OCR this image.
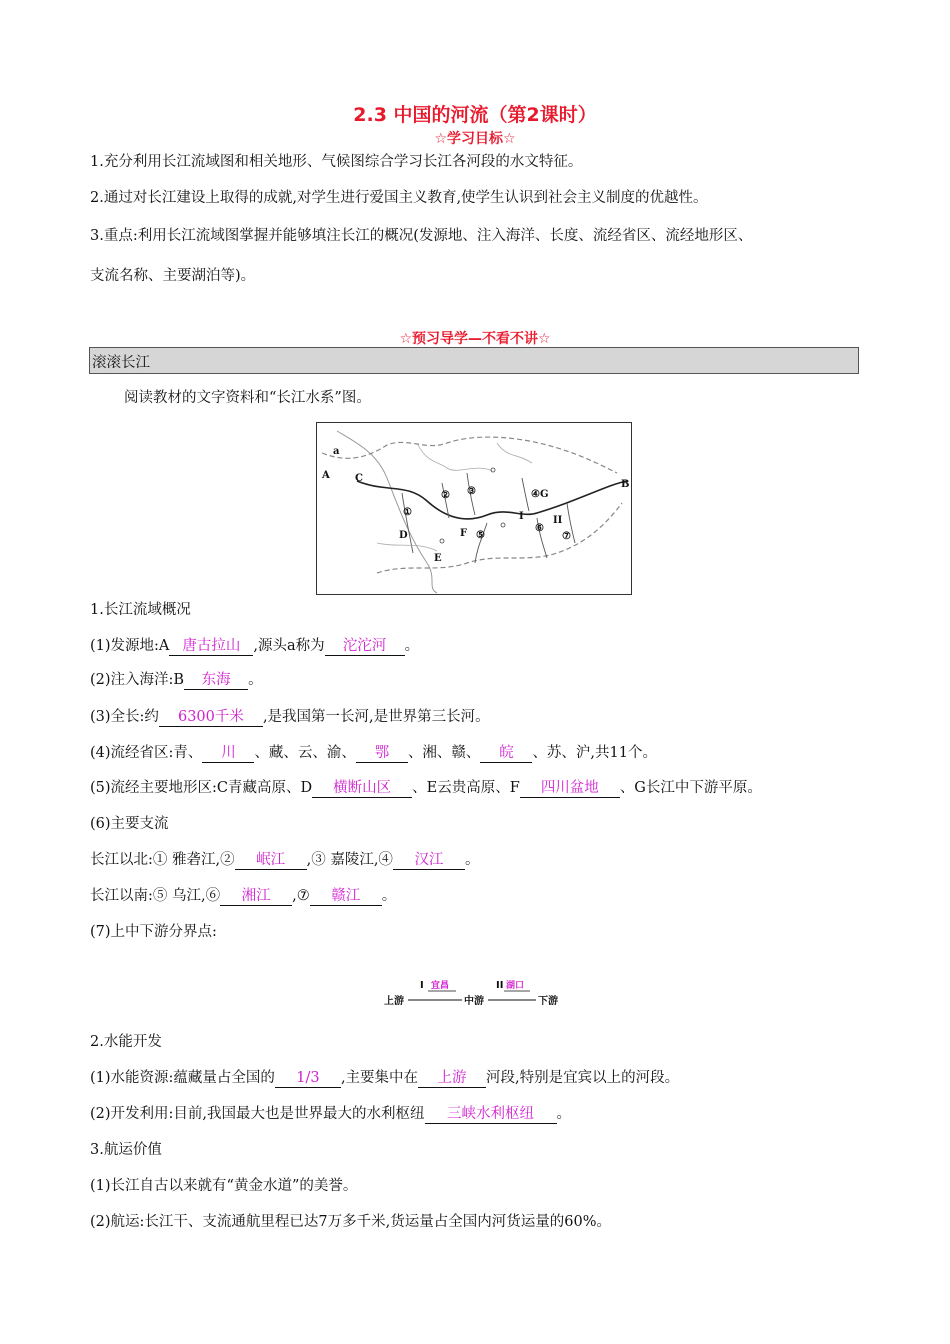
2.3 中国的河流（第2课时）
☆学习目标☆
1.充分利用长江流域图和相关地形、气候图综合学习长江各河段的水文特征。
2.通过对长江建设上取得的成就,对学生进行爱国主义教育,使学生认识到社会主义制度的优越性。
3.重点:利用长江流域图掌握并能够填注长江的概况(发源地、注入海洋、长度、流经省区、流经地形区、
支流名称、主要湖泊等)。
☆预习导学—不看不讲☆
滚滚长江
阅读教材的文字资料和“长江水系”图。
a
A	C
①
② ③	④G
B
D	F ⑤
E
I
⑥
II
⑦
1.长江流域概况
(1)发源地:A 唐古拉山 ,源头a称为 沱沱河 。
(2)注入海洋:B 东海 。
(3)全长:约 6300千米 ,是我国第一长河,是世界第三长河。
(4)流经省区:青、 川 、藏、云、渝、 鄂 、湘、赣、 皖 、苏、沪,共11个。
(5)流经主要地形区:C青藏高原、D 横断山区 、E云贵高原、F 四川盆地 、G长江中下游平原。
(6)主要支流
长江以北:① 雅砻江,② 岷江 ,③ 嘉陵江,④ 汉江 。
长江以南:⑤ 乌江,⑥ 湘江 ,⑦ 赣江 。
(7)上中下游分界点:
上游	中游	下游
I	II
宜昌	湖口
2.水能开发
(1)水能资源:蕴藏量占全国的 1/3 ,主要集中在 上游 河段,特别是宜宾以上的河段。
(2)开发利用:目前,我国最大也是世界最大的水利枢纽 三峡水利枢纽 。
3.航运价值
(1)长江自古以来就有“黄金水道”的美誉。
(2)航运:长江干、支流通航里程已达7万多千米,货运量占全国内河货运量的60%。
